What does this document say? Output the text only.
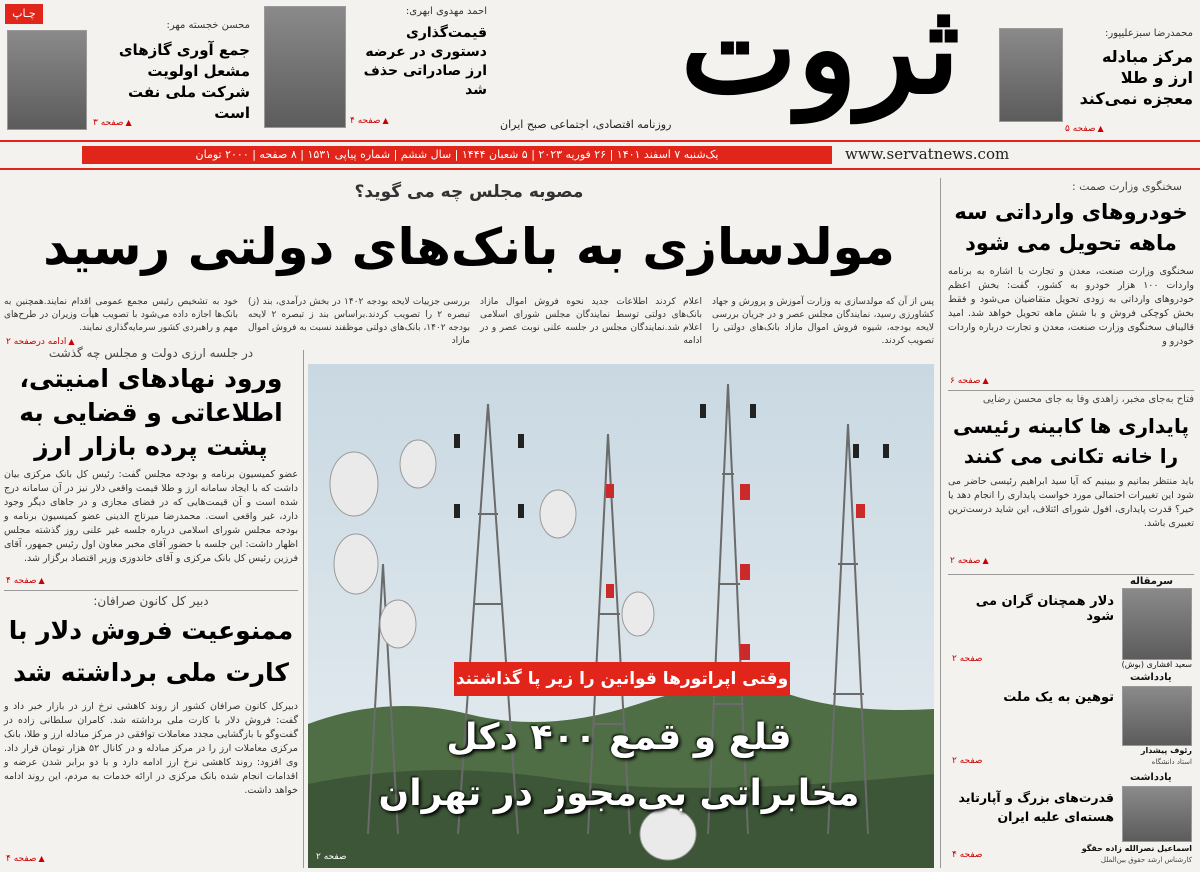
محمدرضا سبزعلیپور:
مرکز مبادله ارز و طلا معجزه نمی‌کند
▲ صفحه ۵
ثروت
روزنامه اقتصادی، اجتماعی صبح ایران
احمد مهدوی ابهری:
قیمت‌گذاری دستوری در عرضه ارز صادراتی حذف شد
▲ صفحه ۴
چـاپ
محسن خجسته مهر:
جمع آوری گازهای مشعل اولویت شرکت ملی نفت است
▲ صفحه ۳
یک‌شنبه ۷ اسفند ۱۴۰۱ | ۲۶ فوریه ۲۰۲۳ | ۵ شعبان ۱۴۴۴ | سال ششم | شماره پیاپی ۱۵۳۱ | ۸ صفحه | ۲۰۰۰ تومان	www.servatnews.com
سخنگوی وزارت صمت :
خودروهای وارداتی سه ماهه تحویل می شود
سخنگوی وزارت صنعت، معدن و تجارت با اشاره به برنامه واردات ۱۰۰ هزار خودرو به کشور، گفت: بخش اعظم خودروهای وارداتی به زودی تحویل متقاضیان می‌شود و فقط بخش کوچکی فروش و با شش ماهه تحویل خواهد شد. امید قالیباف سخنگوی وزارت صنعت، معدن و تجارت درباره واردات خودرو و
▲ صفحه ۶
فتاح به‌جای مخبر، زاهدی وفا به جای محسن رضایی
پایداری ها کابینه رئیسی را خانه تکانی می کنند
باید منتظر بمانیم و ببینیم که آیا سید ابراهیم رئیسی حاضر می شود این تغییرات احتمالی مورد خواست پایداری را انجام دهد یا خیر؟ قدرت پایداری، افول شورای ائتلاف، این شاید درست‌ترین تعبیری باشد.
▲ صفحه ۲
سرمقاله
دلار همچنان گران می شود
سعید افشاری (بوش)
صفحه ۲
یادداشت
توهین به یک ملت
رئوف پیشدار
استاد دانشگاه
صفحه ۲
یادداشت
قدرت‌های بزرگ و آپارتاید هسته‌ای علیه ایران
اسماعیل نصرالله زاده حقگو
کارشناس ارشد حقوق بین‌الملل
صفحه ۴
مصوبه مجلس چه می گوید؟
مولدسازی به بانک‌های دولتی رسید
پس از آن که مولدسازی به وزارت آموزش و پرورش و جهاد کشاورزی رسید، نمایندگان مجلس عصر و در جریان بررسی لایحه بودجه، شیوه فروش اموال مازاد بانک‌های دولتی را تصویب کردند.
اعلام کردند اطلاعات جدید نحوه فروش اموال مازاد بانک‌های دولتی توسط نمایندگان مجلس شورای اسلامی اعلام شد.نمایندگان مجلس در جلسه علنی نوبت عصر و در ادامه
بررسی جزییات لایحه بودجه ۱۴۰۲ در بخش درآمدی، بند (ز) تبصره ۲ را تصویب کردند.براساس بند ز تبصره ۲ لایحه بودجه ۱۴۰۲، بانک‌های دولتی موظفند نسبت به فروش اموال مازاد
خود به تشخیص رئیس مجمع عمومی اقدام نمایند.همچنین به بانک‌ها اجازه داده می‌شود با تصویب هیأت وزیران در طرح‌های مهم و راهبردی کشور سرمایه‌گذاری نمایند.
▲ ادامه درصفحه ۲
در جلسه ارزی دولت و مجلس چه گذشت
ورود نهادهای امنیتی، اطلاعاتی و قضایی به پشت پرده بازار ارز
عضو کمیسیون برنامه و بودجه مجلس گفت: رئیس کل بانک مرکزی بیان داشت که با ایجاد سامانه ارز و طلا قیمت واقعی دلار نیز در آن سامانه درج شده است و آن قیمت‌هایی که در فضای مجازی و در جاهای دیگر وجود دارد، غیر واقعی است. محمدرضا میرتاج الدینی عضو کمیسیون برنامه و بودجه مجلس شورای اسلامی درباره جلسه غیر علنی روز گذشته مجلس اظهار داشت: این جلسه با حضور آقای مخبر معاون اول رئیس جمهور، آقای فرزین رئیس کل بانک مرکزی و آقای خاندوزی وزیر اقتصاد برگزار شد.
▲ صفحه ۴
دبیر کل کانون صرافان:
ممنوعیت فروش دلار با کارت ملی برداشته شد
دبیرکل کانون صرافان کشور از روند کاهشی نرخ ارز در بازار خبر داد و گفت: فروش دلار با کارت ملی برداشته شد. کامران سلطانی زاده در گفت‌وگو با بازگشایی مجدد معاملات توافقی در مرکز مبادله ارز و طلا، بانک مرکزی معاملات ارز را در مرکز مبادله و در کانال ۵۲ هزار تومان قرار داد. وی افزود: روند کاهشی نرخ ارز ادامه دارد و با دو برابر شدن عرضه و اقدامات انجام شده بانک مرکزی در ارائه خدمات به مردم، این روند ادامه خواهد داشت.
▲ صفحه ۴
وقتی اپراتورها قوانین را زیر پا گذاشتند
قلع و قمع ۴۰۰ دکل مخابراتی بی‌مجوز در تهران
صفحه ۲
